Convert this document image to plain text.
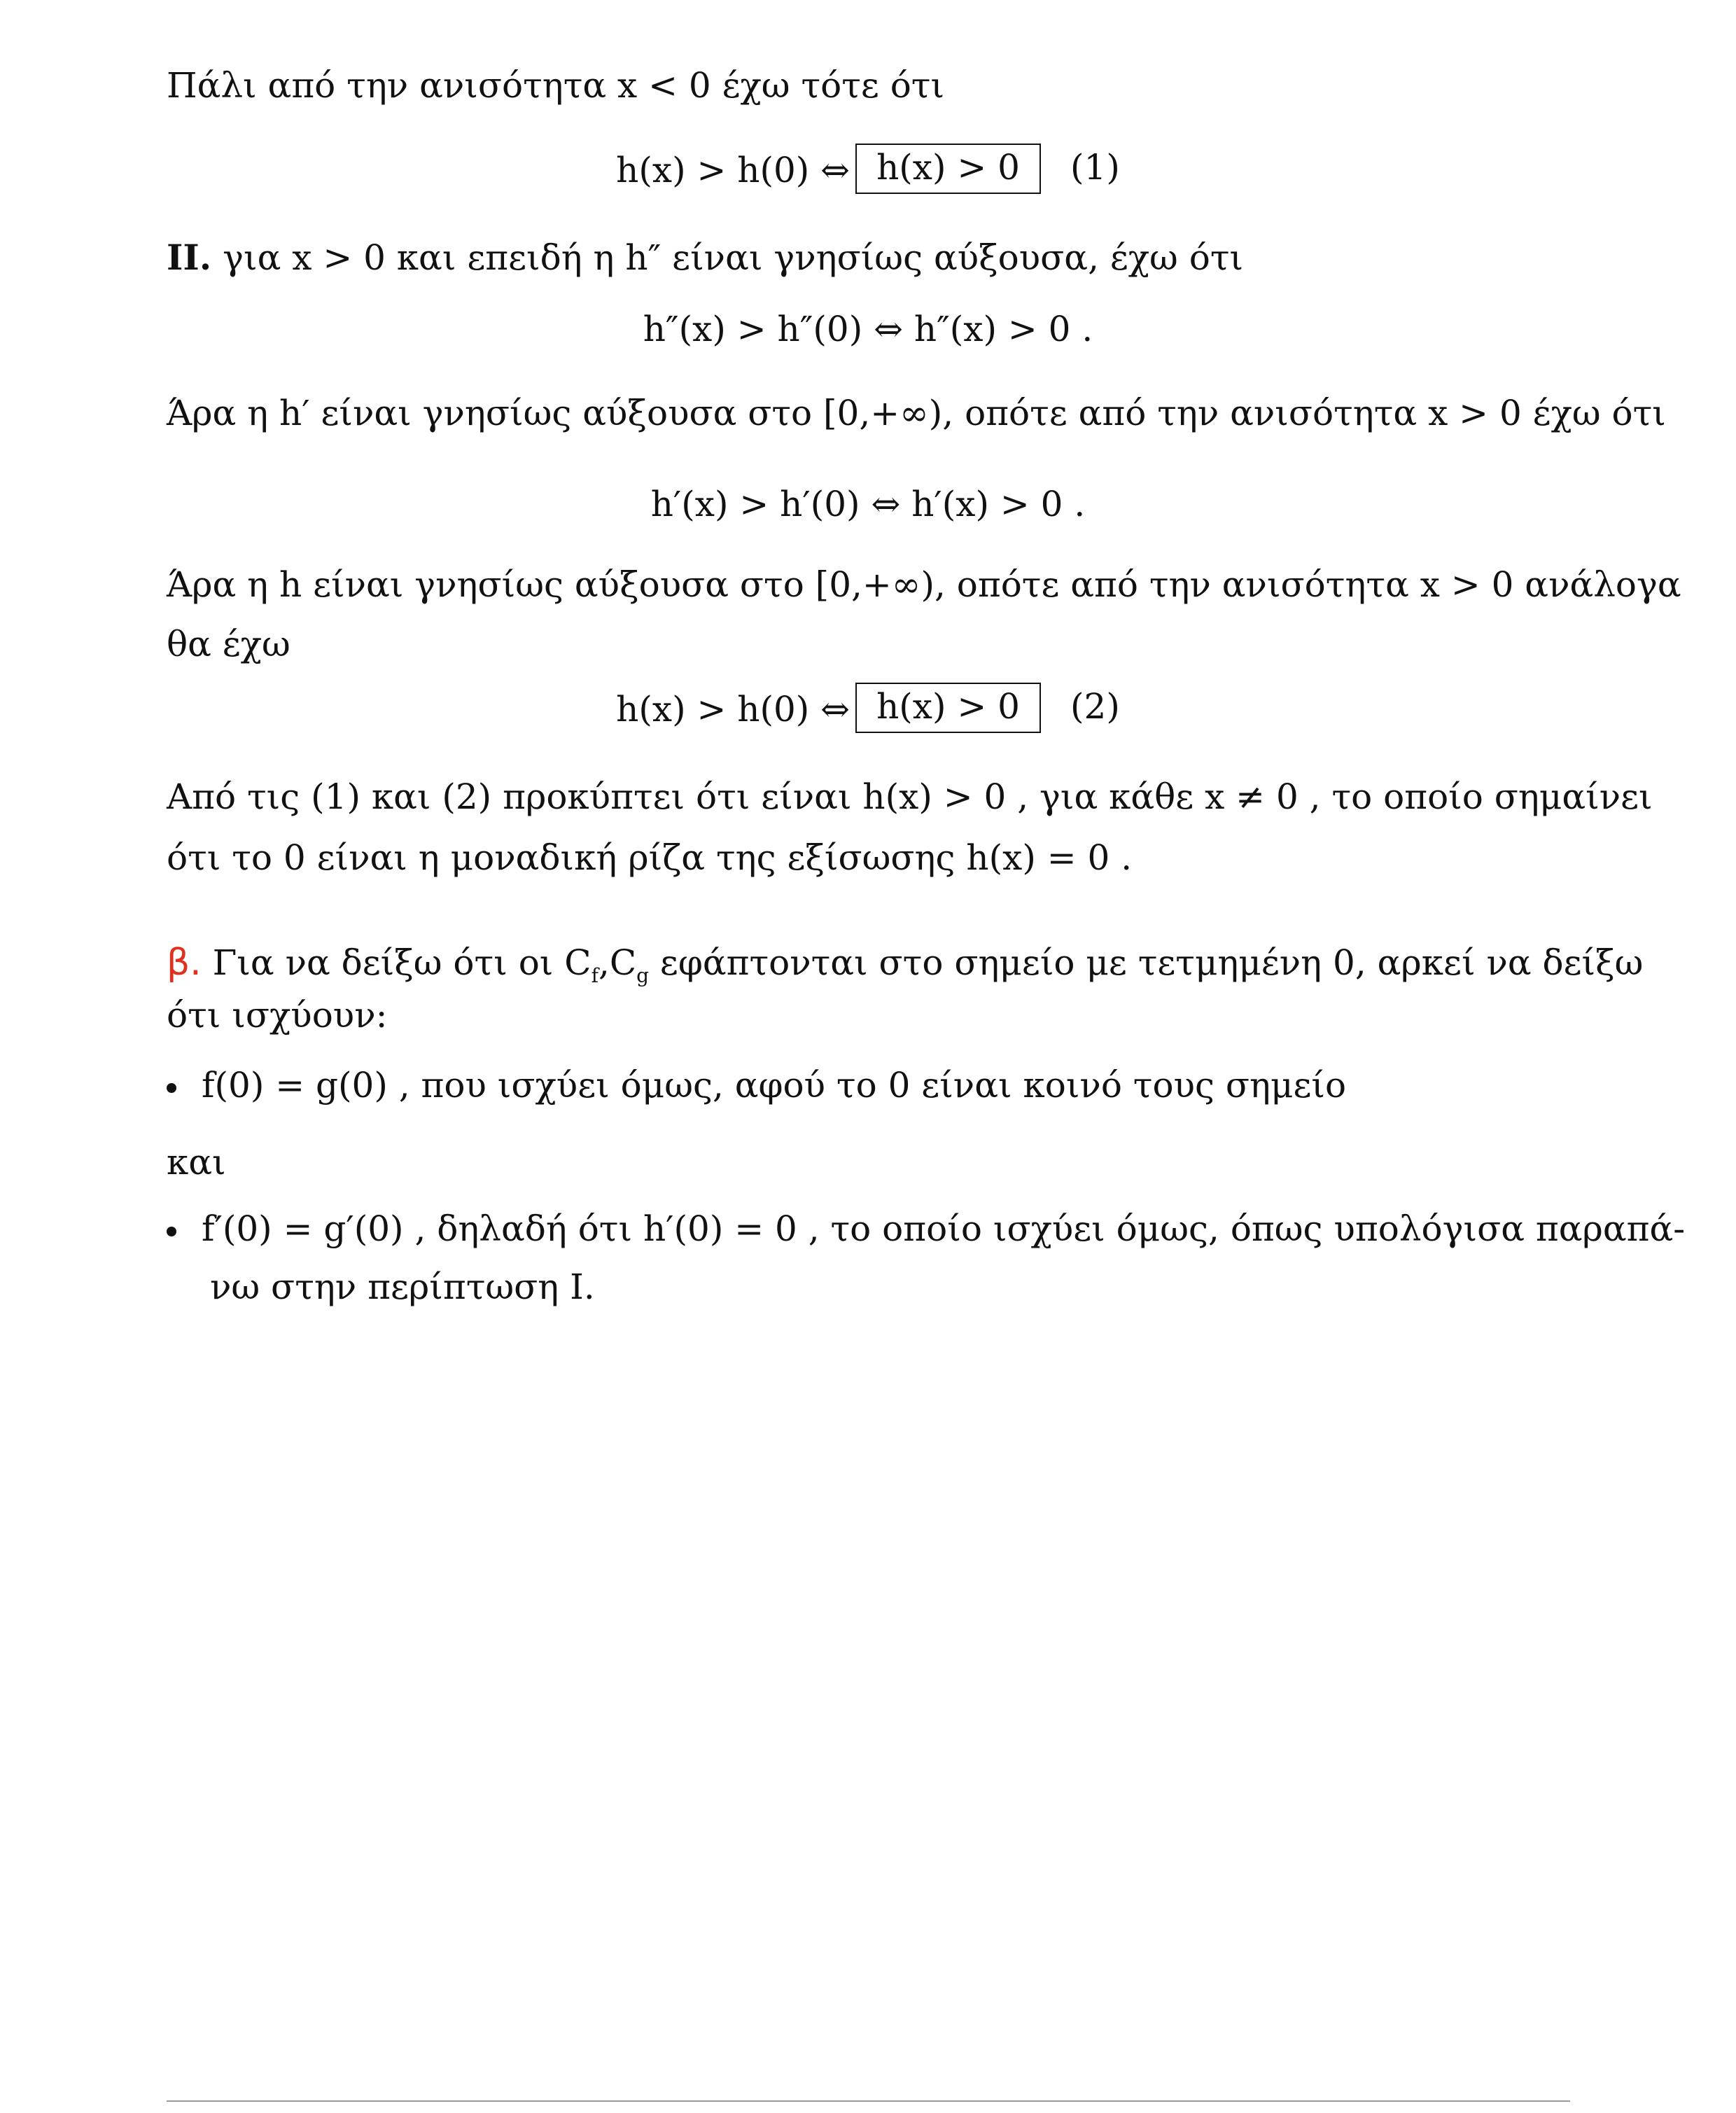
Πάλι από την ανισότητα x < 0 έχω τότε ότι
h(x) > h(0) ⇔ h(x) > 0 (1)
II. για x > 0 και επειδή η h″ είναι γνησίως αύξουσα, έχω ότι
h″(x) > h″(0) ⇔ h″(x) > 0 .
Άρα η h′ είναι γνησίως αύξουσα στο [0,+∞), οπότε από την ανισότητα x > 0 έχω ότι
h′(x) > h′(0) ⇔ h′(x) > 0 .
Άρα η h είναι γνησίως αύξουσα στο [0,+∞), οπότε από την ανισότητα x > 0 ανάλογα
θα έχω
h(x) > h(0) ⇔ h(x) > 0 (2)
Από τις (1) και (2) προκύπτει ότι είναι h(x) > 0 , για κάθε x ≠ 0 , το οποίο σημαίνει
ότι το 0 είναι η μοναδική ρίζα της εξίσωσης h(x) = 0 .
β. Για να δείξω ότι οι $C_f,C_g$ εφάπτονται στο σημείο με τετμημένη 0, αρκεί να δείξω
ότι ισχύουν:
f(0) = g(0) , που ισχύει όμως, αφού το 0 είναι κοινό τους σημείο
και
f′(0) = g′(0) , δηλαδή ότι h′(0) = 0 , το οποίο ισχύει όμως, όπως υπολόγισα παραπά-
νω στην περίπτωση I.
